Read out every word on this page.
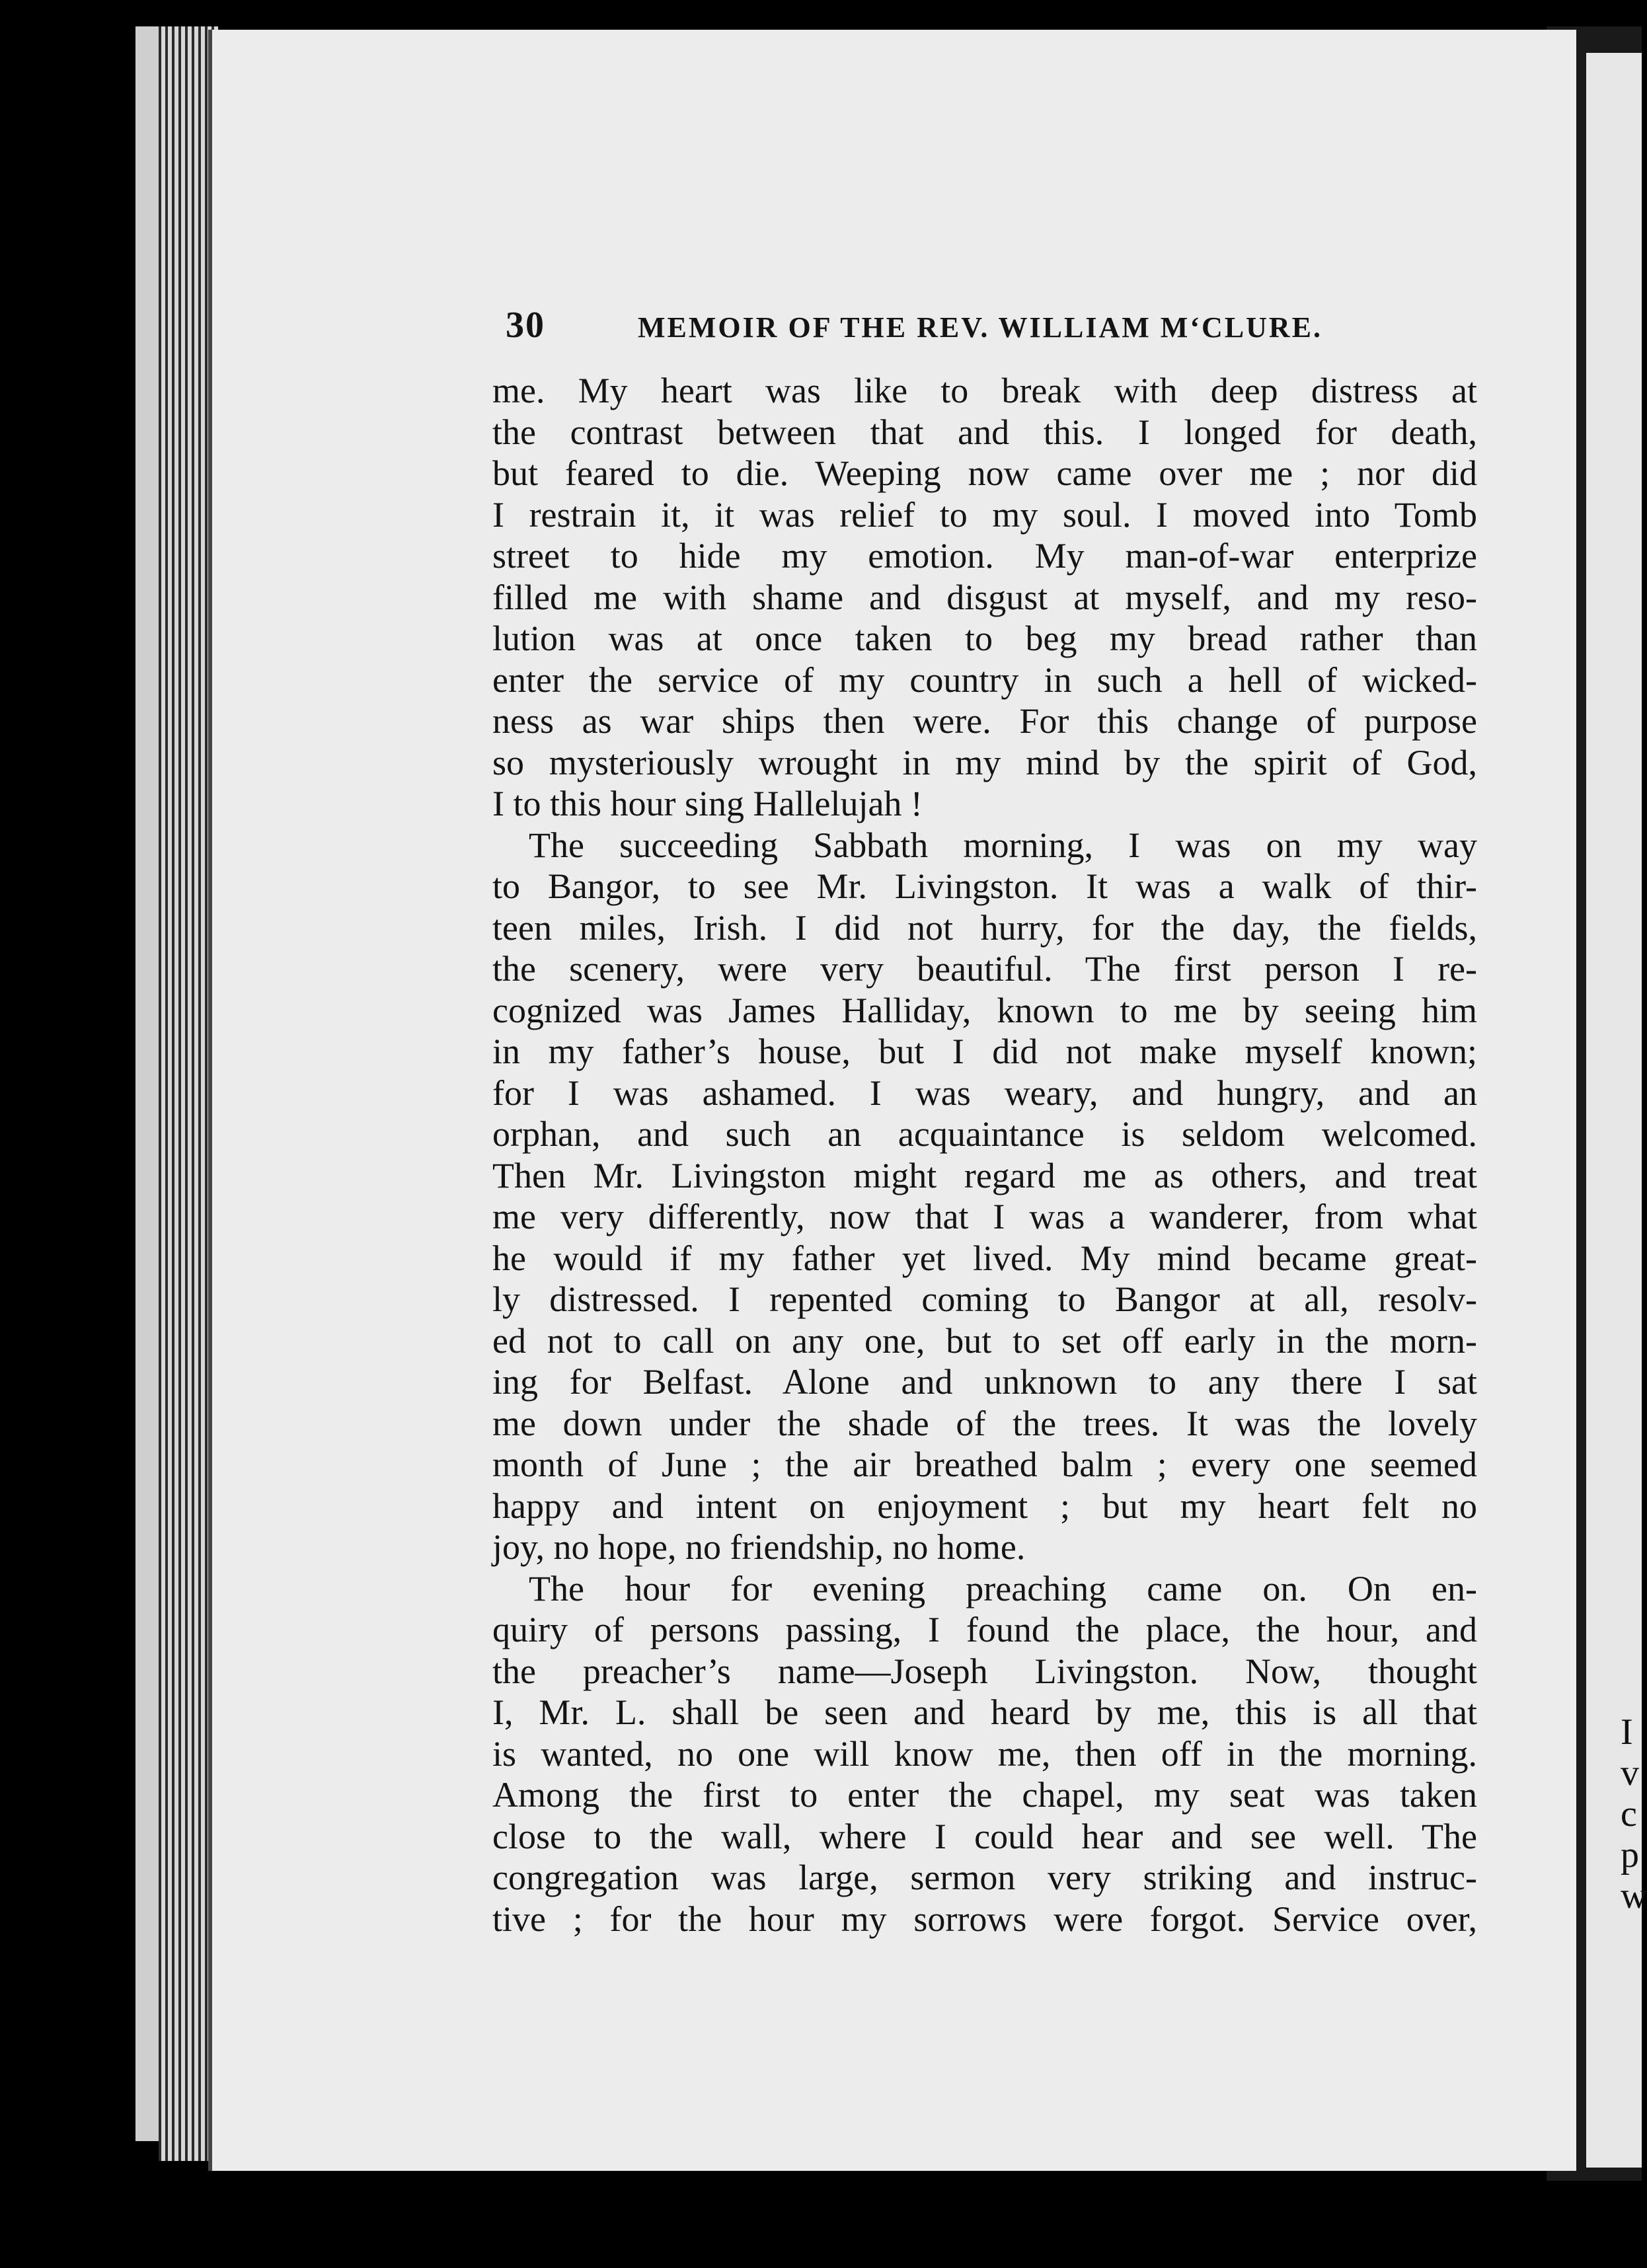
I
v
c
p
w
30	MEMOIR OF THE REV. WILLIAM M‘CLURE.
me. My heart was like to break with deep distress at
the contrast between that and this. I longed for death,
but feared to die. Weeping now came over me ; nor did
I restrain it, it was relief to my soul. I moved into Tomb
street to hide my emotion. My man-of-war enterprize
filled me with shame and disgust at myself, and my reso-
lution was at once taken to beg my bread rather than
enter the service of my country in such a hell of wicked-
ness as war ships then were. For this change of purpose
so mysteriously wrought in my mind by the spirit of God,
I to this hour sing Hallelujah !
The succeeding Sabbath morning, I was on my way
to Bangor, to see Mr. Livingston. It was a walk of thir-
teen miles, Irish. I did not hurry, for the day, the fields,
the scenery, were very beautiful. The first person I re-
cognized was James Halliday, known to me by seeing him
in my father’s house, but I did not make myself known;
for I was ashamed. I was weary, and hungry, and an
orphan, and such an acquaintance is seldom welcomed.
Then Mr. Livingston might regard me as others, and treat
me very differently, now that I was a wanderer, from what
he would if my father yet lived. My mind became great-
ly distressed. I repented coming to Bangor at all, resolv-
ed not to call on any one, but to set off early in the morn-
ing for Belfast. Alone and unknown to any there I sat
me down under the shade of the trees. It was the lovely
month of June ; the air breathed balm ; every one seemed
happy and intent on enjoyment ; but my heart felt no
joy, no hope, no friendship, no home.
The hour for evening preaching came on. On en-
quiry of persons passing, I found the place, the hour, and
the preacher’s name—Joseph Livingston. Now, thought
I, Mr. L. shall be seen and heard by me, this is all that
is wanted, no one will know me, then off in the morning.
Among the first to enter the chapel, my seat was taken
close to the wall, where I could hear and see well. The
congregation was large, sermon very striking and instruc-
tive ; for the hour my sorrows were forgot. Service over,
